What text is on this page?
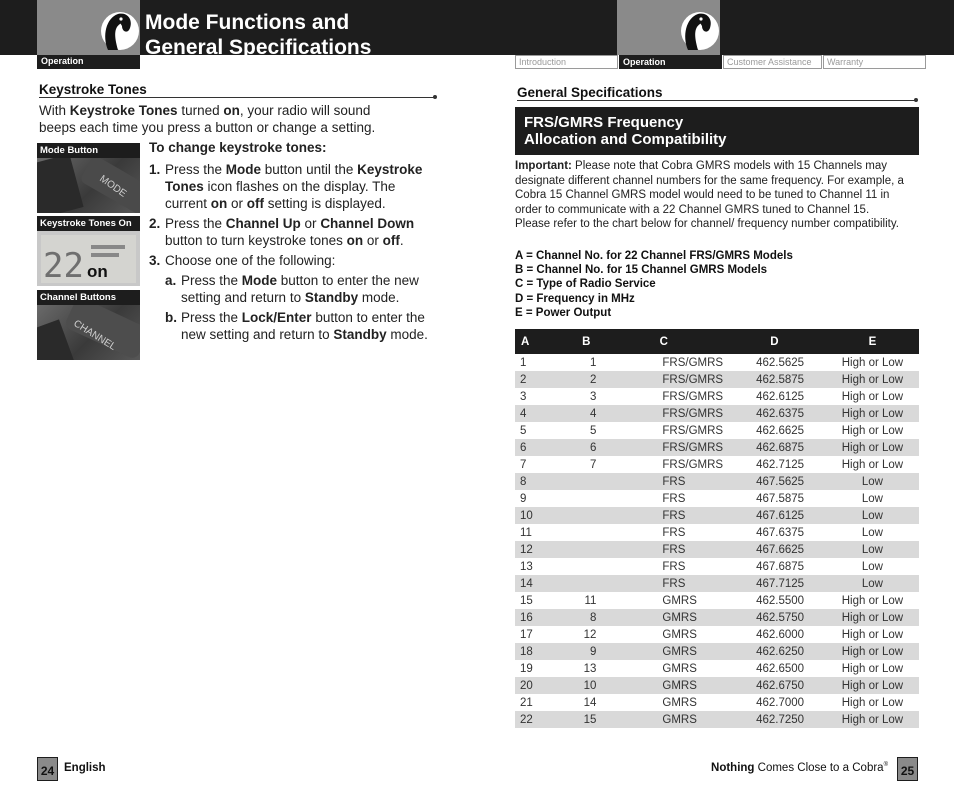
Mode Functions and
General Specifications
Operation	Introduction	Operation	Customer Assistance	Warranty
Keystroke Tones
With Keystroke Tones turned on, your radio will sound beeps each time you press a button or change a setting.
Mode Button
MODE
Keystroke Tones On
22 on
Channel Buttons
CHANNEL
To change keystroke tones:
1. Press the Mode button until the Keystroke Tones icon flashes on the display. The current on or off setting is displayed.
2. Press the Channel Up or Channel Down button to turn keystroke tones on or off.
3. Choose one of the following:
a. Press the Mode button to enter the new setting and return to Standby mode.
b. Press the Lock/Enter button to enter the new setting and return to Standby mode.
General Specifications
FRS/GMRS Frequency
Allocation and Compatibility
Important: Please note that Cobra GMRS models with 15 Channels may designate different channel numbers for the same frequency. For example, a Cobra 15 Channel GMRS model would need to be tuned to Channel 11 in order to communicate with a 22 Channel GMRS tuned to Channel 15. Please refer to the chart below for channel/ frequency number compatibility.
A = Channel No. for 22 Channel FRS/GMRS Models
B = Channel No. for 15 Channel GMRS Models
C = Type of Radio Service
D = Frequency in MHz
E = Power Output
A	B	C	D	E
1	1	FRS/GMRS	462.5625	High or Low
2	2	FRS/GMRS	462.5875	High or Low
3	3	FRS/GMRS	462.6125	High or Low
4	4	FRS/GMRS	462.6375	High or Low
5	5	FRS/GMRS	462.6625	High or Low
6	6	FRS/GMRS	462.6875	High or Low
7	7	FRS/GMRS	462.7125	High or Low
8		FRS	467.5625	Low
9		FRS	467.5875	Low
10		FRS	467.6125	Low
11		FRS	467.6375	Low
12		FRS	467.6625	Low
13		FRS	467.6875	Low
14		FRS	467.7125	Low
15	11	GMRS	462.5500	High or Low
16	8	GMRS	462.5750	High or Low
17	12	GMRS	462.6000	High or Low
18	9	GMRS	462.6250	High or Low
19	13	GMRS	462.6500	High or Low
20	10	GMRS	462.6750	High or Low
21	14	GMRS	462.7000	High or Low
22	15	GMRS	462.7250	High or Low
24 English	Nothing Comes Close to a Cobra®	25
